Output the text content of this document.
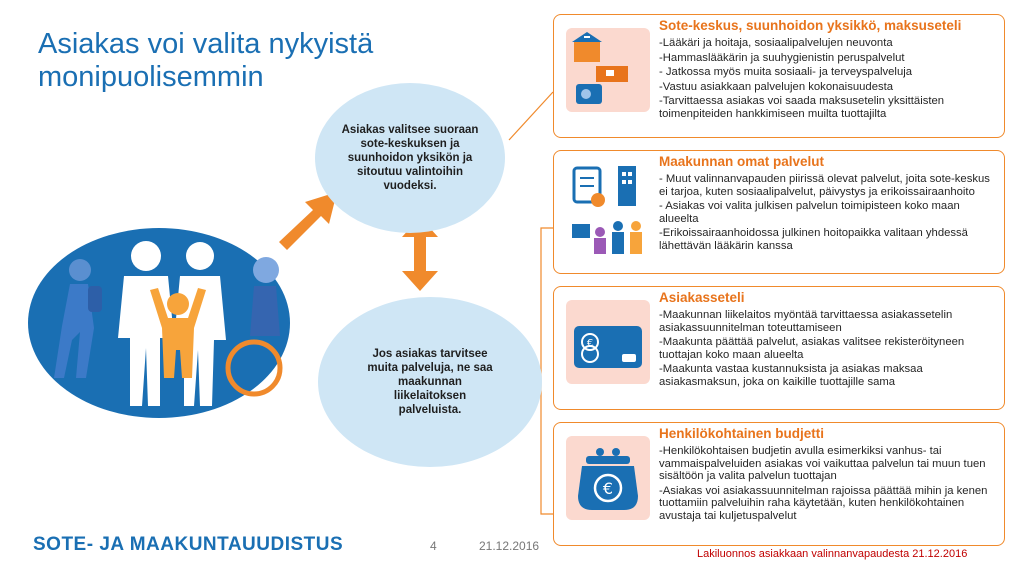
Asiakas voi valita nykyistä
monipuolisemmin
Asiakas valitsee suoraan
sote-keskuksen ja
suunhoidon yksikön ja
sitoutuu valintoihin
vuodeksi.
Jos asiakas tarvitsee
muita palveluja, ne saa
maakunnan
liikelaitoksen
palveluista.
Sote-keskus, suunhoidon yksikkö, maksuseteli
-Lääkäri ja hoitaja, sosiaalipalvelujen neuvonta
-Hammaslääkärin ja suuhygienistin peruspalvelut
- Jatkossa myös muita sosiaali- ja terveyspalveluja
-Vastuu asiakkaan palvelujen kokonaisuudesta
-Tarvittaessa asiakas voi saada maksusetelin yksittäisten toimenpiteiden hankkimiseen muilta tuottajilta
Maakunnan omat palvelut
- Muut valinnanvapauden piirissä olevat palvelut, joita sote-keskus ei tarjoa, kuten sosiaalipalvelut, päivystys ja erikoissairaanhoito
- Asiakas voi valita julkisen palvelun toimipisteen koko maan alueelta
-Erikoissairaanhoidossa julkinen hoitopaikka valitaan yhdessä lähettävän lääkärin kanssa
€
Asiakasseteli
-Maakunnan liikelaitos myöntää tarvittaessa asiakassetelin asiakassuunnitelman toteuttamiseen
-Maakunta päättää palvelut, asiakas valitsee rekisteröityneen tuottajan koko maan alueelta
-Maakunta vastaa kustannuksista ja asiakas maksaa asiakasmaksun, joka on kaikille tuottajille sama
€
Henkilökohtainen budjetti
-Henkilökohtaisen budjetin avulla esimerkiksi vanhus- tai vammaispalveluiden asiakas voi vaikuttaa palvelun tai muun tuen sisältöön ja valita palvelun tuottajan
-Asiakas voi asiakassuunnitelman rajoissa päättää mihin ja kenen tuottamiin palveluihin raha käytetään, kuten henkilökohtainen avustaja tai kuljetuspalvelut
SOTE- JA MAAKUNTAUUDISTUS	4	21.12.2016
Lakiluonnos asiakkaan valinnanvapaudesta 21.12.2016
